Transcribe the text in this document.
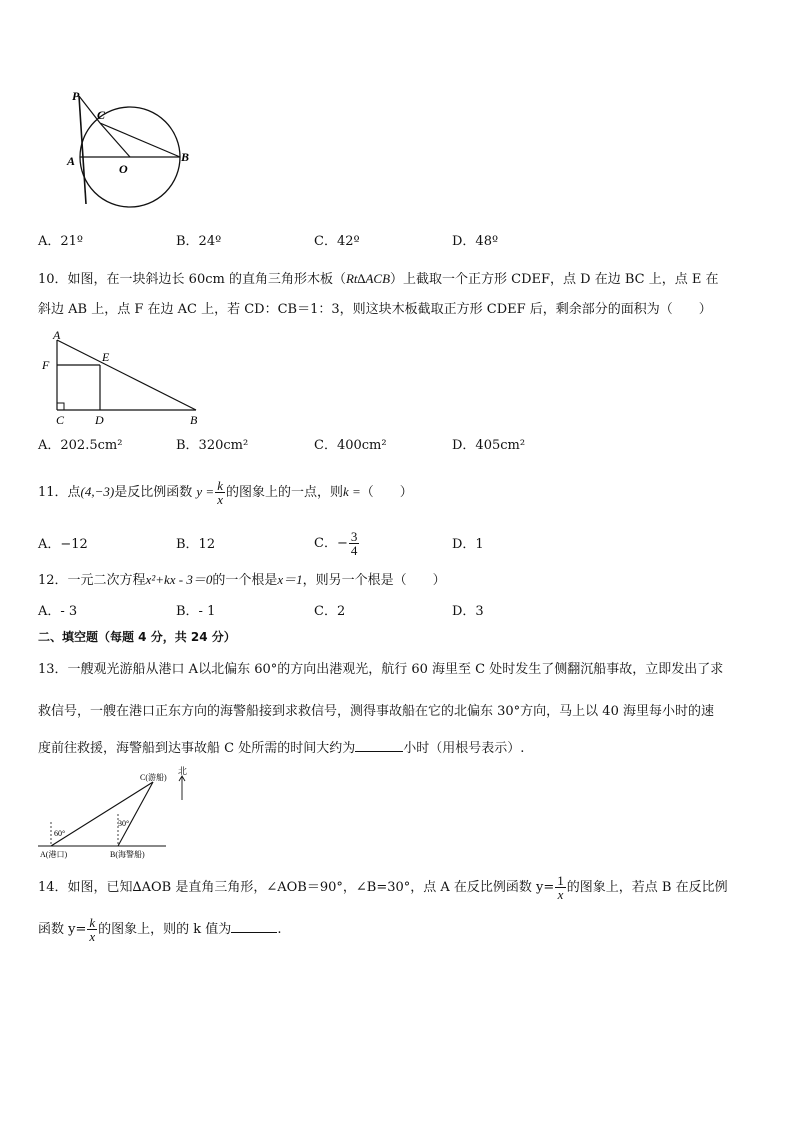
P
C
A
O
B
A．21º	B．24º	C．42º	D．48º
10．如图，在一块斜边长 60cm 的直角三角形木板（Rt∆ACB）上截取一个正方形 CDEF，点 D 在边 BC 上，点 E 在
斜边 AB 上，点 F 在边 AC 上，若 CD：CB＝1：3，则这块木板截取正方形 CDEF 后，剩余部分的面积为（　　）
A
E
F
C	D	B
A．202.5cm²	B．320cm²	C．400cm²	D．405cm²
11．点(4,−3)是反比例函数 $y = \frac{k}{x}$ 的图象上的一点，则k =（　　）
A．−12	B．12	C．− $\frac{3}{4}$	D．1
12．一元二次方程x²+kx - 3＝0的一个根是x＝1，则另一个根是（　　）
A．- 3	B．- 1	C．2	D．3
二、填空题（每题 4 分，共 24 分）
13．一艘观光游船从港口 A以北偏东 60°的方向出港观光，航行 60 海里至 C 处时发生了侧翻沉船事故，立即发出了求
救信号，一艘在港口正东方向的海警船接到求救信号，测得事故船在它的北偏东 30°方向，马上以 40 海里每小时的速
度前往救援，海警船到达事故船 C 处所需的时间大约为	小时（用根号表示）.
C(游船)
北
60°
30°
A(港口)	B(海警船)
14．如图，已知∆AOB 是直角三角形，∠AOB＝90°，∠B=30°，点 A 在反比例函数 $y= \frac{1}{x}$ 的图象上，若点 B 在反比例
函数 $y= \frac{k}{x}$ 的图象上，则的 k 值为	.
